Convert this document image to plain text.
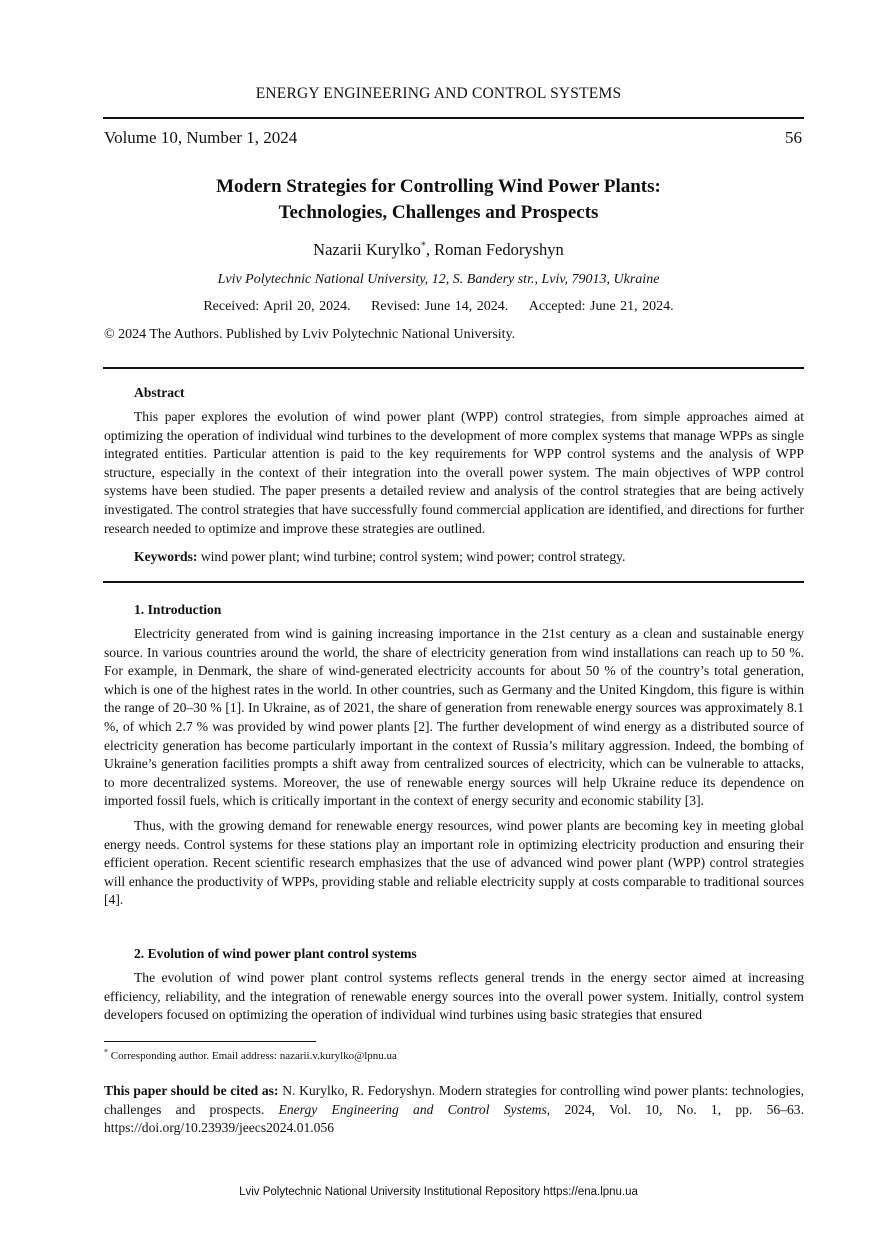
ENERGY ENGINEERING AND CONTROL SYSTEMS
Volume 10, Number 1, 2024	56
Modern Strategies for Controlling Wind Power Plants:
Technologies, Challenges and Prospects
Nazarii Kurylko*, Roman Fedoryshyn
Lviv Polytechnic National University, 12, S. Bandery str., Lviv, 79013, Ukraine
Received: April 20, 2024. Revised: June 14, 2024. Accepted: June 21, 2024.
© 2024 The Authors. Published by Lviv Polytechnic National University.
Abstract

This paper explores the evolution of wind power plant (WPP) control strategies, from simple approaches aimed at optimizing the operation of individual wind turbines to the development of more complex systems that manage WPPs as single integrated entities. Particular attention is paid to the key requirements for WPP control systems and the analysis of WPP structure, especially in the context of their integration into the overall power system. The main objectives of WPP control systems have been studied. The paper presents a detailed review and analysis of the control strategies that are being actively investigated. The control strategies that have successfully found commercial application are identified, and directions for further research needed to optimize and improve these strategies are outlined.

Keywords: wind power plant; wind turbine; control system; wind power; control strategy.
1. Introduction

Electricity generated from wind is gaining increasing importance in the 21st century as a clean and sustainable energy source. In various countries around the world, the share of electricity generation from wind installations can reach up to 50 %. For example, in Denmark, the share of wind-generated electricity accounts for about 50 % of the country’s total generation, which is one of the highest rates in the world. In other countries, such as Germany and the United Kingdom, this figure is within the range of 20–30 % [1]. In Ukraine, as of 2021, the share of generation from renewable energy sources was approximately 8.1 %, of which 2.7 % was provided by wind power plants [2]. The further development of wind energy as a distributed source of electricity generation has become particularly important in the context of Russia’s military aggression. Indeed, the bombing of Ukraine’s generation facilities prompts a shift away from centralized sources of electricity, which can be vulnerable to attacks, to more decentralized systems. Moreover, the use of renewable energy sources will help Ukraine reduce its dependence on imported fossil fuels, which is critically important in the context of energy security and economic stability [3].

Thus, with the growing demand for renewable energy resources, wind power plants are becoming key in meeting global energy needs. Control systems for these stations play an important role in optimizing electricity production and ensuring their efficient operation. Recent scientific research emphasizes that the use of advanced wind power plant (WPP) control strategies will enhance the productivity of WPPs, providing stable and reliable electricity supply at costs comparable to traditional sources [4].

2. Evolution of wind power plant control systems

The evolution of wind power plant control systems reflects general trends in the energy sector aimed at increasing efficiency, reliability, and the integration of renewable energy sources into the overall power system. Initially, control system developers focused on optimizing the operation of individual wind turbines using basic strategies that ensured

* Corresponding author. Email address: nazarii.v.kurylko@lpnu.ua
This paper should be cited as: N. Kurylko, R. Fedoryshyn. Modern strategies for controlling wind power plants: technologies, challenges and prospects. Energy Engineering and Control Systems, 2024, Vol. 10, No. 1, pp. 56–63. https://doi.org/10.23939/jeecs2024.01.056
Lviv Polytechnic National University Institutional Repository https://ena.lpnu.ua
